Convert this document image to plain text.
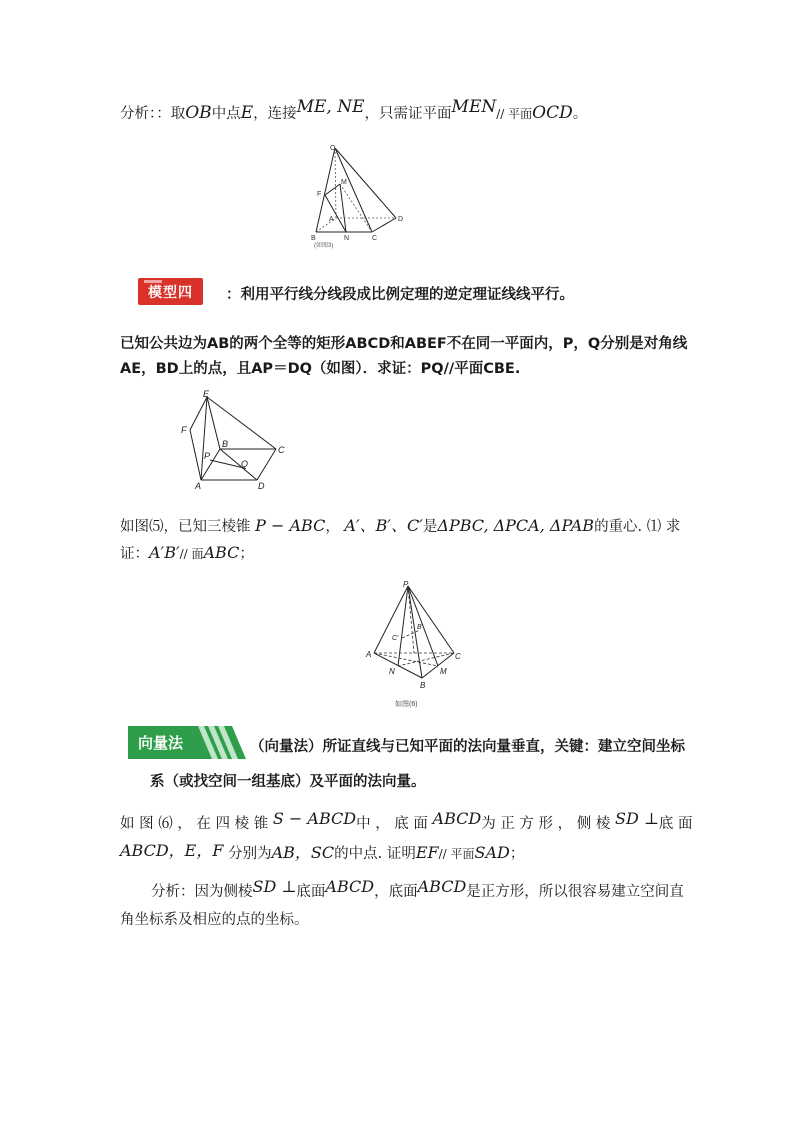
分析：：取OB中点E，连接ME, NE，只需证平面MEN// 平面OCD。
O
F
M
A	D
B	N	C
(如图3)
模型四	：利用平行线分线段成比例定理的逆定理证线线平行。
已知公共边为AB的两个全等的矩形ABCD和ABEF不在同一平面内，P，Q分别是对角线
AE，BD上的点，且AP＝DQ（如图）．求证：PQ//平面CBE.
E
F
B
C
P
Q
A	D
如图⑸，已知三棱锥 P − ABC， A′、B′、C′是ΔPBC, ΔPCA, ΔPAB的重心. ⑴ 求
证：A′B′// 面ABC；
P
C′
B′
A	C
N	M
B
如图(6)
向量法	（向量法）所证直线与已知平面的法向量垂直，关键：建立空间坐标
系（或找空间一组基底）及平面的法向量。
如 图 ⑹ ， 在 四 棱 锥 S − ABCD中 ， 底 面 ABCD为 正 方 形 ， 侧 棱 SD ⊥底 面
ABCD，E，F 分别为AB，SC的中点. 证明EF// 平面SAD；
分析：因为侧棱SD ⊥底面ABCD，底面ABCD是正方形，所以很容易建立空间直
角坐标系及相应的点的坐标。
